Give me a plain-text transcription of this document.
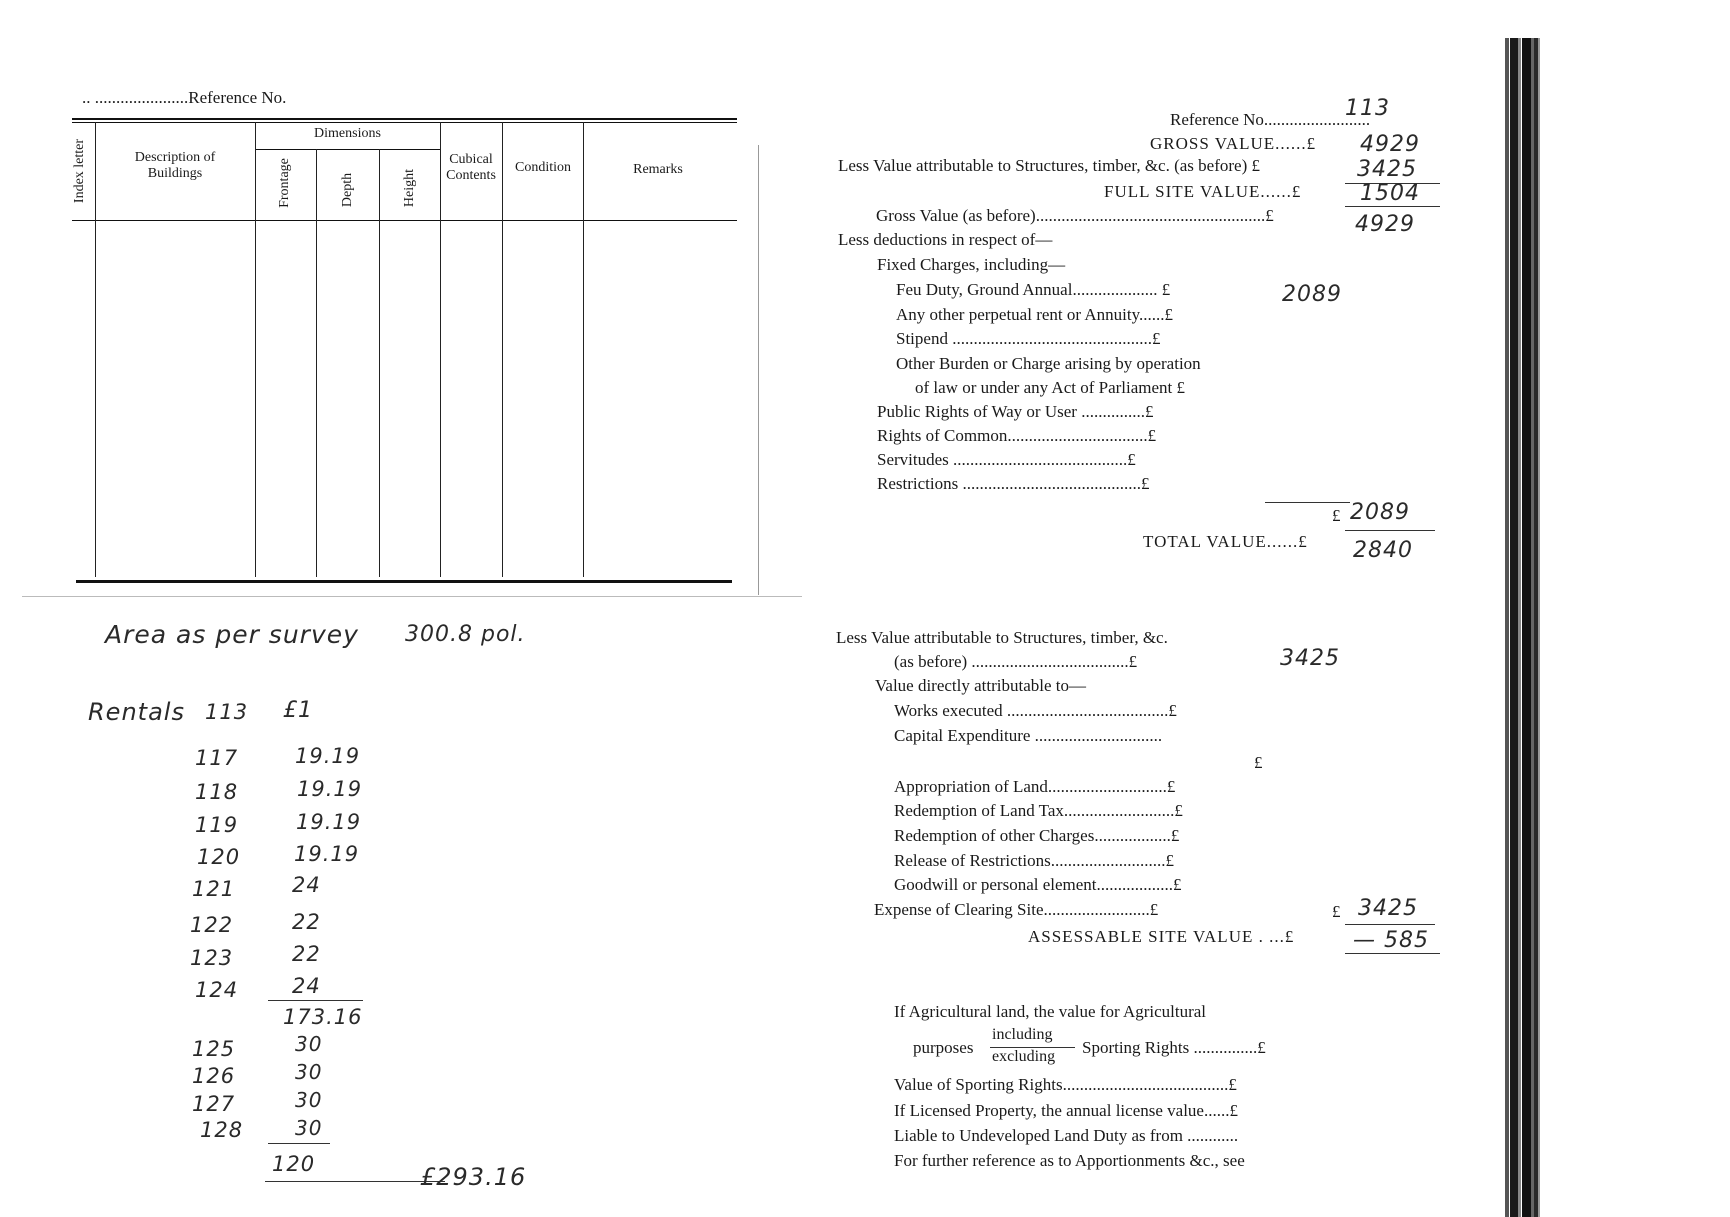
.. ......................Reference No.
Index letter	Description of Buildings
Dimensions
Frontage	Depth	Height
Cubical Contents
Condition	Remarks
Area as per survey 300.8 pol.
Rentals 113 £1
117	19.19
118	19.19
119	19.19
120	19.19
121	24
122	22
123	22
124	24
173.16
125	30
126	30
127	30
128	30
120	£293.16
Reference No.........................
113
GROSS VALUE......£ 4929
Less Value attributable to Structures, timber, &c. (as before) £	3425
FULL SITE VALUE......£	1504
Gross Value (as before)......................................................£	4929
Less deductions in respect of—
Fixed Charges, including—
Feu Duty, Ground Annual.................... £	2089
Any other perpetual rent or Annuity......£
Stipend ...............................................£
Other Burden or Charge arising by operation
of law or under any Act of Parliament £
Public Rights of Way or User ...............£
Rights of Common.................................£
Servitudes .........................................£
Restrictions ..........................................£
£ 2089
TOTAL VALUE......£ 2840
Less Value attributable to Structures, timber, &c.
(as before) .....................................£	3425
Value directly attributable to—
Works executed ......................................£
Capital Expenditure ..............................
£
Appropriation of Land............................£
Redemption of Land Tax..........................£
Redemption of other Charges..................£
Release of Restrictions...........................£
Goodwill or personal element..................£
Expense of Clearing Site.........................£	£ 3425
ASSESSABLE SITE VALUE . ...£	— 585
If Agricultural land, the value for Agricultural
purposes
including
excluding Sporting Rights ...............£
Value of Sporting Rights.......................................£
If Licensed Property, the annual license value......£
Liable to Undeveloped Land Duty as from ............
For further reference as to Apportionments &c., see
